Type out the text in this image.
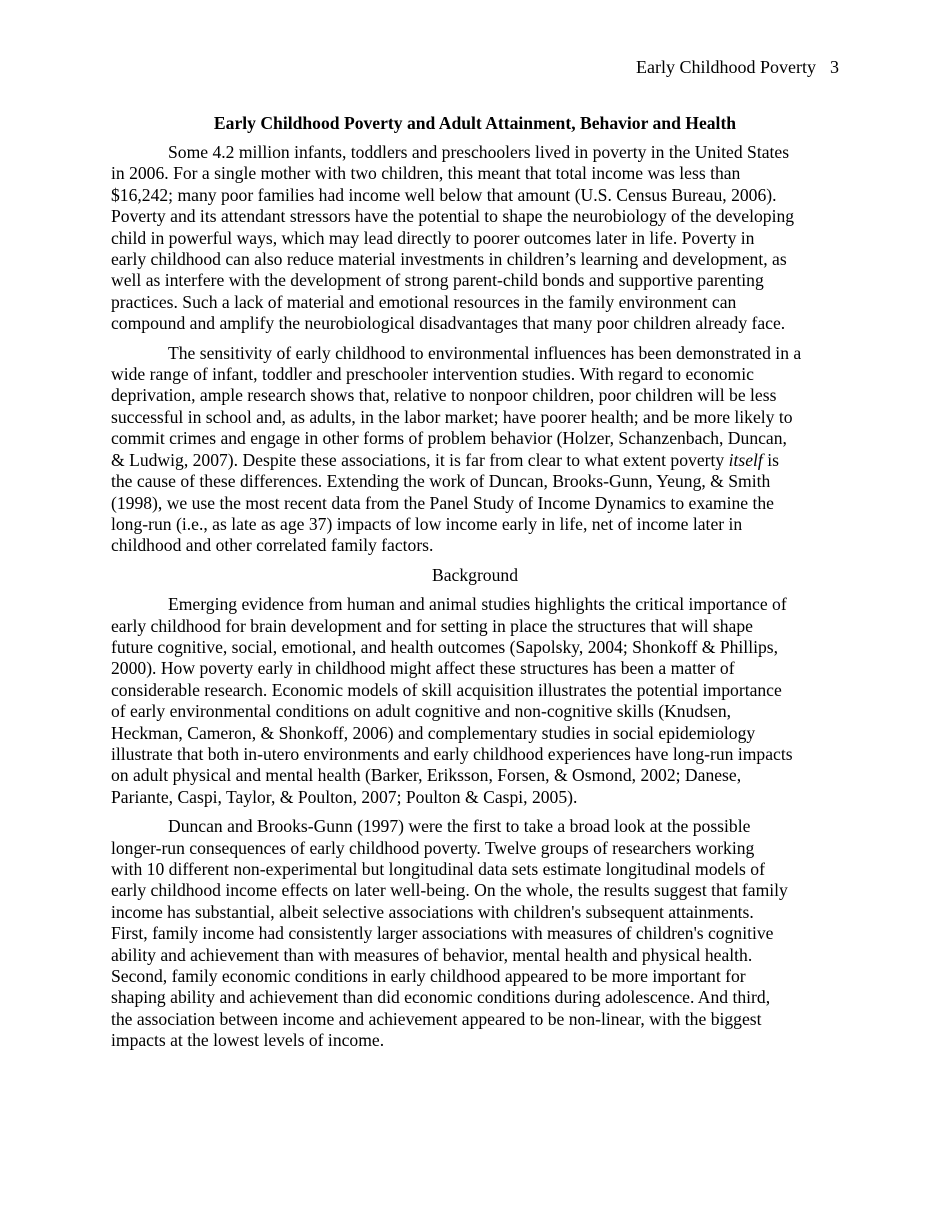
Early Childhood Poverty 3
Early Childhood Poverty and Adult Attainment, Behavior and Health

Some 4.2 million infants, toddlers and preschoolers lived in poverty in the United States
in 2006. For a single mother with two children, this meant that total income was less than
$16,242; many poor families had income well below that amount (U.S. Census Bureau, 2006).
Poverty and its attendant stressors have the potential to shape the neurobiology of the developing
child in powerful ways, which may lead directly to poorer outcomes later in life. Poverty in
early childhood can also reduce material investments in children’s learning and development, as
well as interfere with the development of strong parent-child bonds and supportive parenting
practices. Such a lack of material and emotional resources in the family environment can
compound and amplify the neurobiological disadvantages that many poor children already face.

The sensitivity of early childhood to environmental influences has been demonstrated in a
wide range of infant, toddler and preschooler intervention studies. With regard to economic
deprivation, ample research shows that, relative to nonpoor children, poor children will be less
successful in school and, as adults, in the labor market; have poorer health; and be more likely to
commit crimes and engage in other forms of problem behavior (Holzer, Schanzenbach, Duncan,
& Ludwig, 2007). Despite these associations, it is far from clear to what extent poverty itself is
the cause of these differences. Extending the work of Duncan, Brooks-Gunn, Yeung, & Smith
(1998), we use the most recent data from the Panel Study of Income Dynamics to examine the
long-run (i.e., as late as age 37) impacts of low income early in life, net of income later in
childhood and other correlated family factors.

Background

Emerging evidence from human and animal studies highlights the critical importance of
early childhood for brain development and for setting in place the structures that will shape
future cognitive, social, emotional, and health outcomes (Sapolsky, 2004; Shonkoff & Phillips,
2000). How poverty early in childhood might affect these structures has been a matter of
considerable research. Economic models of skill acquisition illustrates the potential importance
of early environmental conditions on adult cognitive and non-cognitive skills (Knudsen,
Heckman, Cameron, & Shonkoff, 2006) and complementary studies in social epidemiology
illustrate that both in-utero environments and early childhood experiences have long-run impacts
on adult physical and mental health (Barker, Eriksson, Forsen, & Osmond, 2002; Danese,
Pariante, Caspi, Taylor, & Poulton, 2007; Poulton & Caspi, 2005).

Duncan and Brooks-Gunn (1997) were the first to take a broad look at the possible
longer-run consequences of early childhood poverty. Twelve groups of researchers working
with 10 different non-experimental but longitudinal data sets estimate longitudinal models of
early childhood income effects on later well-being. On the whole, the results suggest that family
income has substantial, albeit selective associations with children's subsequent attainments.
First, family income had consistently larger associations with measures of children's cognitive
ability and achievement than with measures of behavior, mental health and physical health.
Second, family economic conditions in early childhood appeared to be more important for
shaping ability and achievement than did economic conditions during adolescence. And third,
the association between income and achievement appeared to be non-linear, with the biggest
impacts at the lowest levels of income.
